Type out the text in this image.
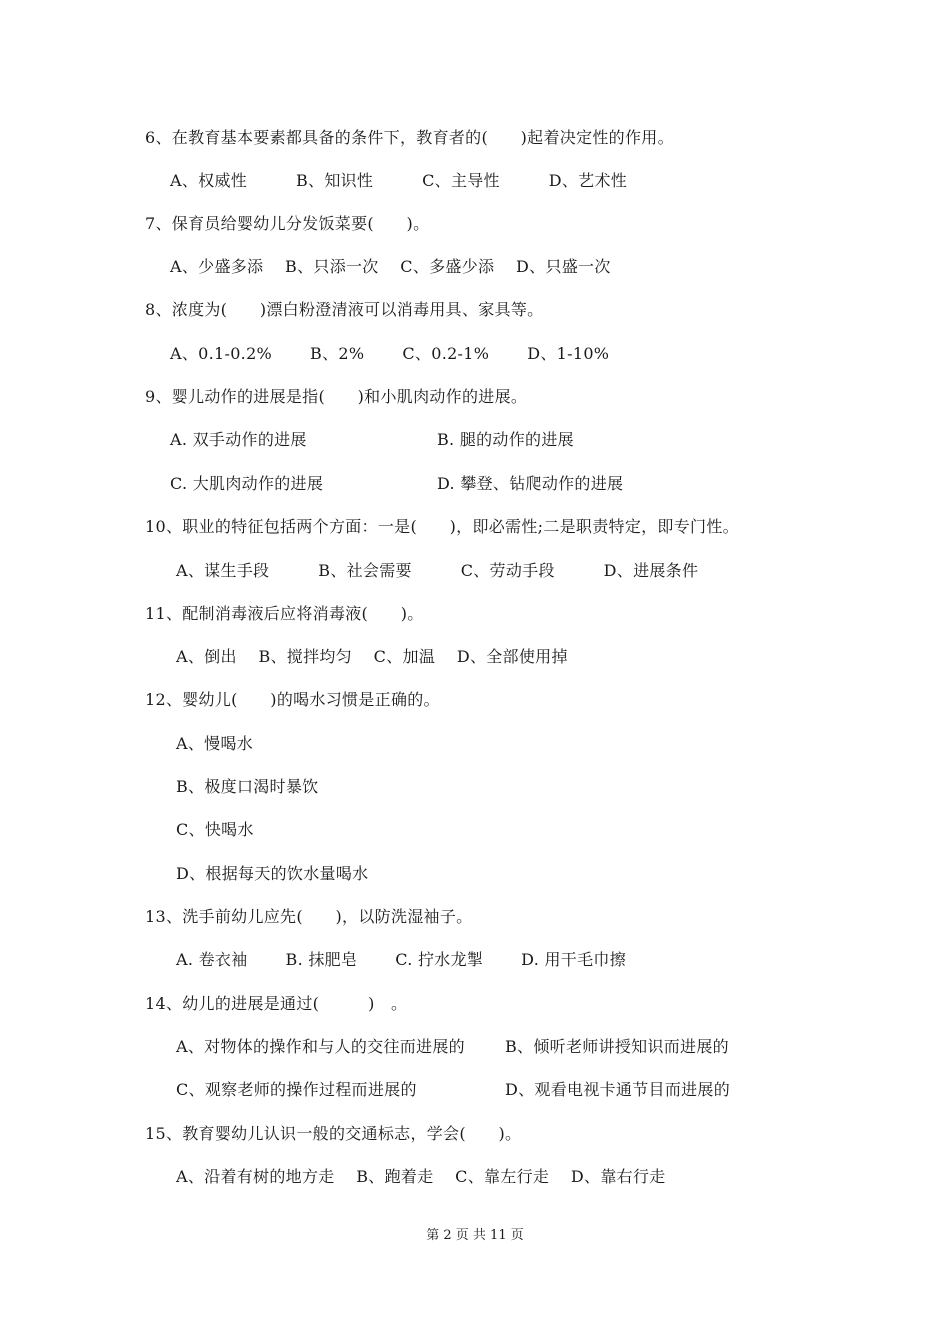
6、在教育基本要素都具备的条件下，教育者的(　　)起着决定性的作用。
A、权威性　　　B、知识性　　　C、主导性　　　D、艺术性
7、保育员给婴幼儿分发饭菜要(　　)。
A、少盛多添　 B、只添一次　 C、多盛少添　 D、只盛一次
8、浓度为(　　)漂白粉澄清液可以消毒用具、家具等。
A、0.1-0.2%　　 B、2%　　 C、0.2-1%　　 D、1-10%
9、婴儿动作的进展是指(　　)和小肌肉动作的进展。
A. 双手动作的进展	B. 腿的动作的进展
C. 大肌肉动作的进展	D. 攀登、钻爬动作的进展
10、职业的特征包括两个方面：一是(　　)，即必需性;二是职责特定，即专门性。
A、谋生手段　　　B、社会需要　　　C、劳动手段　　　D、进展条件
11、配制消毒液后应将消毒液(　　)。
A、倒出　 B、搅拌均匀　 C、加温　 D、全部使用掉
12、婴幼儿(　　)的喝水习惯是正确的。
A、慢喝水
B、极度口渴时暴饮
C、快喝水
D、根据每天的饮水量喝水
13、洗手前幼儿应先(　　)，以防洗湿袖子。
A. 卷衣袖　　 B. 抹肥皂　　 C. 拧水龙掣　　 D. 用干毛巾擦
14、幼儿的进展是通过(　　　)　。
A、对物体的操作和与人的交往而进展的	B、倾听老师讲授知识而进展的
C、观察老师的操作过程而进展的	D、观看电视卡通节目而进展的
15、教育婴幼儿认识一般的交通标志，学会(　　)。
A、沿着有树的地方走　 B、跑着走　 C、靠左行走　 D、靠右行走
第 2 页 共 11 页
